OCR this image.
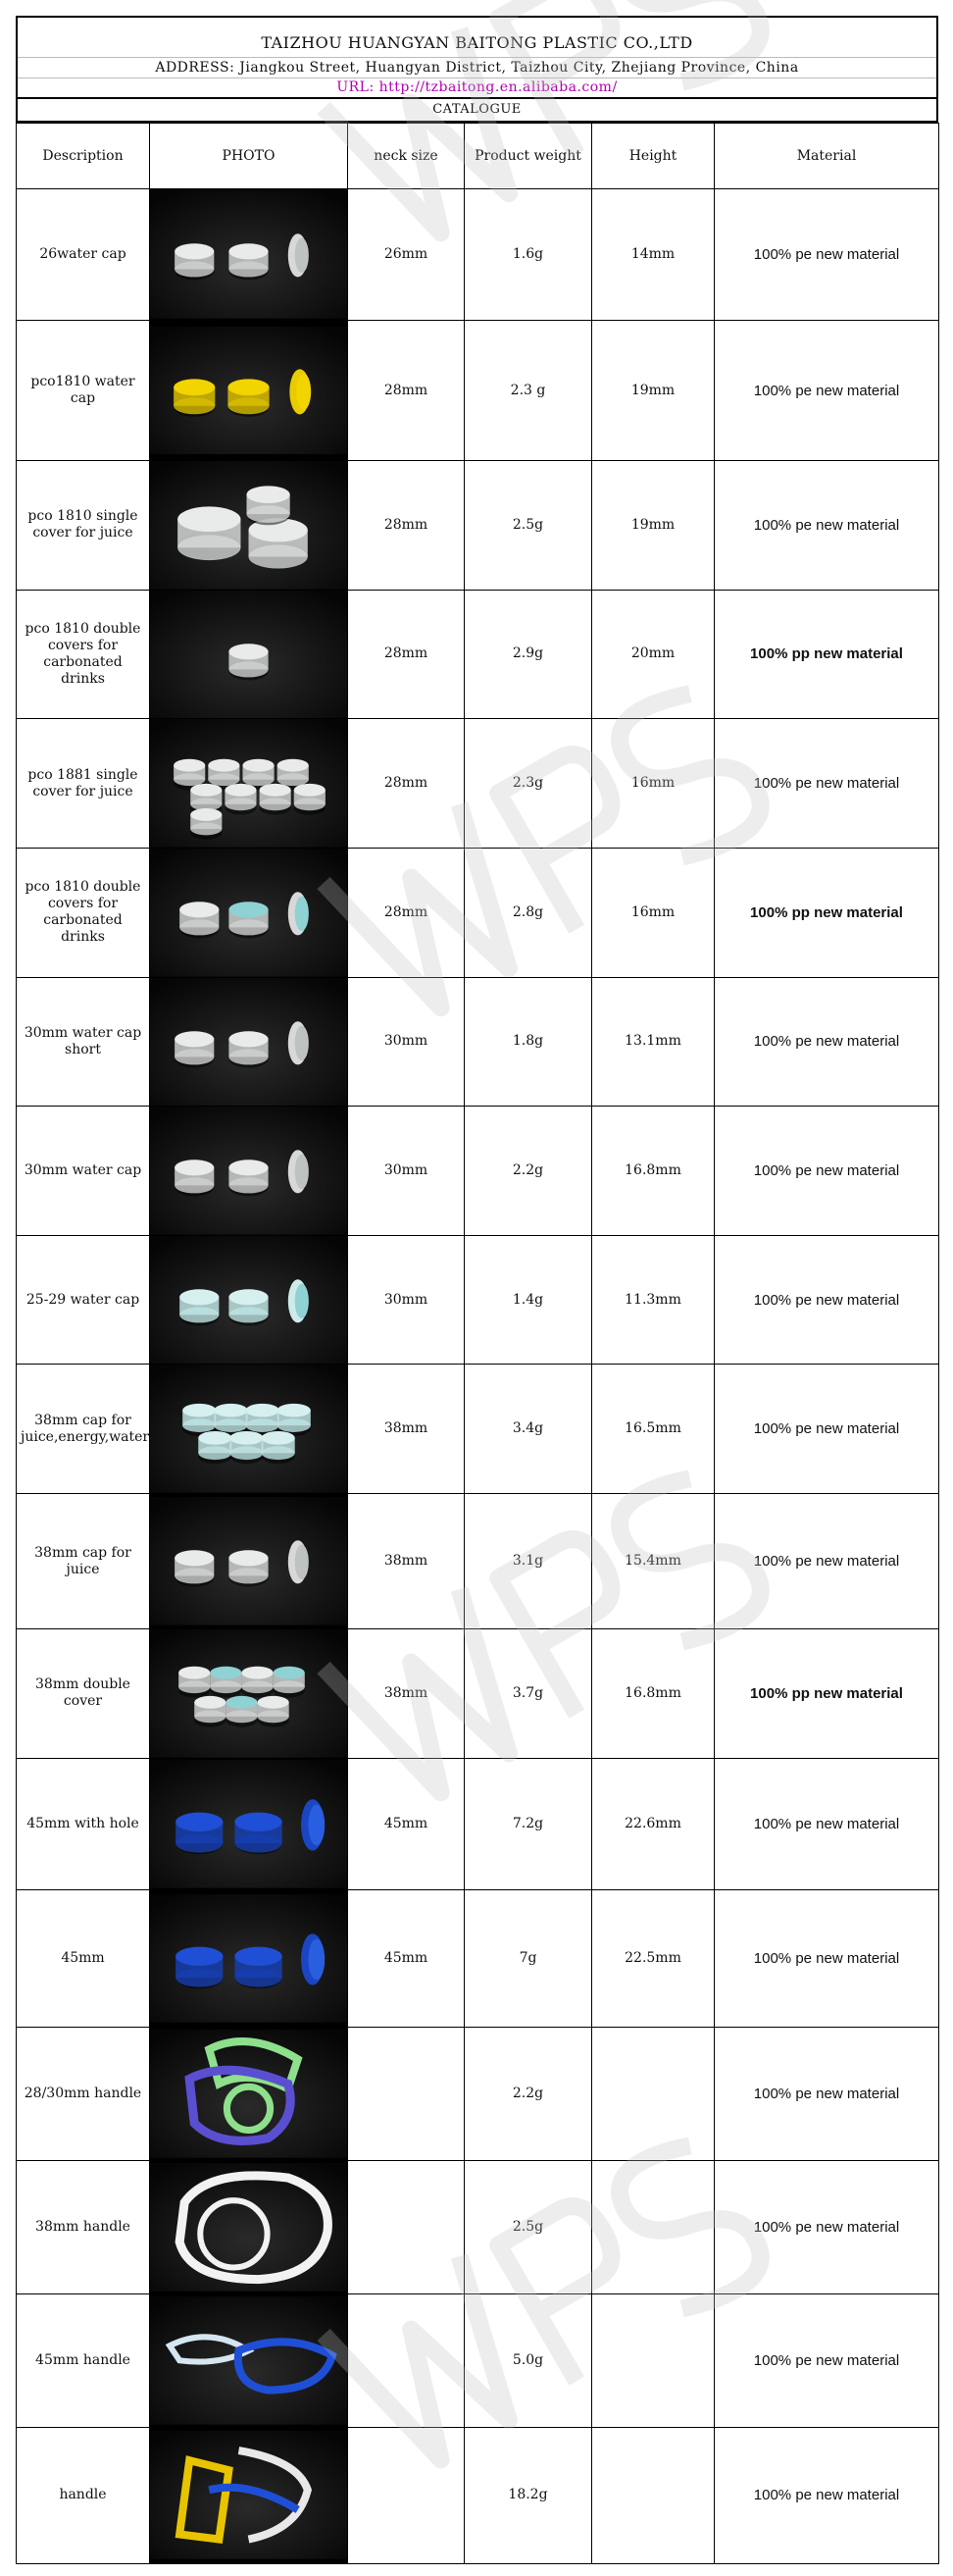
TAIZHOU HUANGYAN BAITONG PLASTIC CO.,LTD
ADDRESS: Jiangkou Street, Huangyan District, Taizhou City, Zhejiang Province, China
URL: http://tzbaitong.en.alibaba.com/
CATALOGUE
Description	PHOTO	neck size	Product weight	Height	Material
26water cap		26mm	1.6g	14mm	100% pe new material
pco1810 water cap		28mm	2.3 g	19mm	100% pe new material
pco 1810 single cover for juice		28mm	2.5g	19mm	100% pe new material
pco 1810 double covers for carbonated drinks		28mm	2.9g	20mm	100% pp new material
pco 1881 single cover for juice		28mm	2.3g	16mm	100% pe new material
pco 1810 double covers for carbonated drinks		28mm	2.8g	16mm	100% pp new material
30mm water cap short		30mm	1.8g	13.1mm	100% pe new material
30mm water cap		30mm	2.2g	16.8mm	100% pe new material
25-29 water cap		30mm	1.4g	11.3mm	100% pe new material
38mm cap for juice,energy,water		38mm	3.4g	16.5mm	100% pe new material
38mm cap for juice		38mm	3.1g	15.4mm	100% pe new material
38mm double cover		38mm	3.7g	16.8mm	100% pp new material
45mm with hole		45mm	7.2g	22.6mm	100% pe new material
45mm		45mm	7g	22.5mm	100% pe new material
28/30mm handle			2.2g		100% pe new material
38mm handle			2.5g		100% pe new material
45mm handle			5.0g		100% pe new material
handle			18.2g		100% pe new material
